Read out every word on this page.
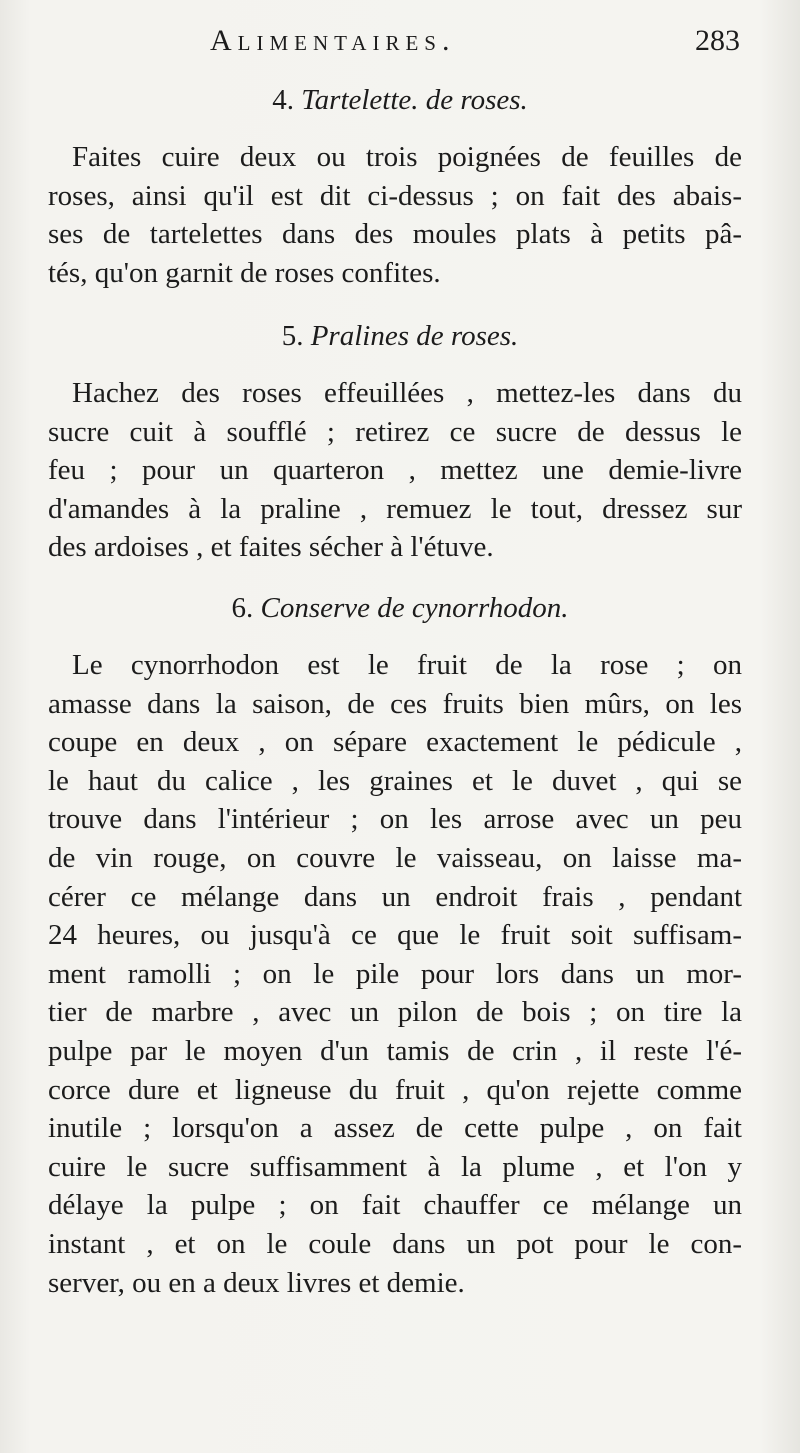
Alimentaires.	283
4. Tartelette. de roses.
Faites cuire deux ou trois poignées de feuilles de
roses, ainsi qu'il est dit ci-dessus ; on fait des abais-
ses de tartelettes dans des moules plats à petits pâ-
tés, qu'on garnit de roses confites.
5. Pralines de roses.
Hachez des roses effeuillées , mettez-les dans du
sucre cuit à soufflé ; retirez ce sucre de dessus le
feu ; pour un quarteron , mettez une demie-livre
d'amandes à la praline , remuez le tout, dressez sur
des ardoises , et faites sécher à l'étuve.
6. Conserve de cynorrhodon.
Le cynorrhodon est le fruit de la rose ; on
amasse dans la saison, de ces fruits bien mûrs, on les
coupe en deux , on sépare exactement le pédicule ,
le haut du calice , les graines et le duvet , qui se
trouve dans l'intérieur ; on les arrose avec un peu
de vin rouge, on couvre le vaisseau, on laisse ma-
cérer ce mélange dans un endroit frais , pendant
24 heures, ou jusqu'à ce que le fruit soit suffisam-
ment ramolli ; on le pile pour lors dans un mor-
tier de marbre , avec un pilon de bois ; on tire la
pulpe par le moyen d'un tamis de crin , il reste l'é-
corce dure et ligneuse du fruit , qu'on rejette comme
inutile ; lorsqu'on a assez de cette pulpe , on fait
cuire le sucre suffisamment à la plume , et l'on y
délaye la pulpe ; on fait chauffer ce mélange un
instant , et on le coule dans un pot pour le con-
server, ou en a deux livres et demie.
